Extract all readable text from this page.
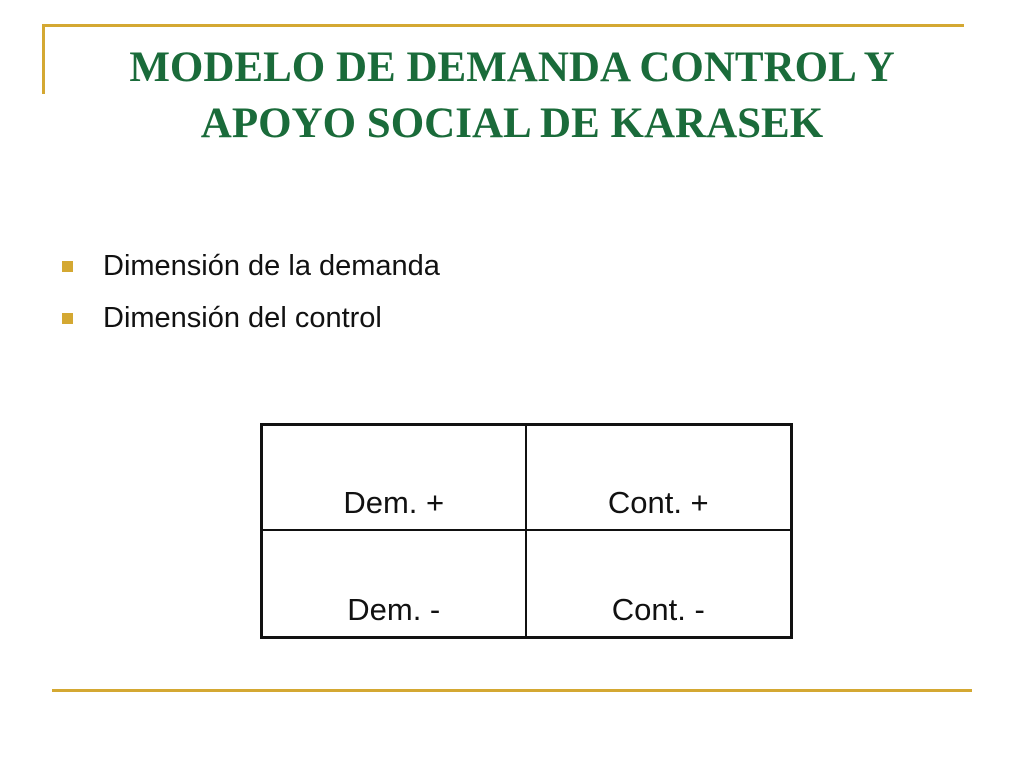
MODELO DE DEMANDA CONTROL Y
APOYO SOCIAL DE KARASEK
Dimensión de la demanda
Dimensión del control
Dem. +	Cont. +
Dem. -	Cont. -
